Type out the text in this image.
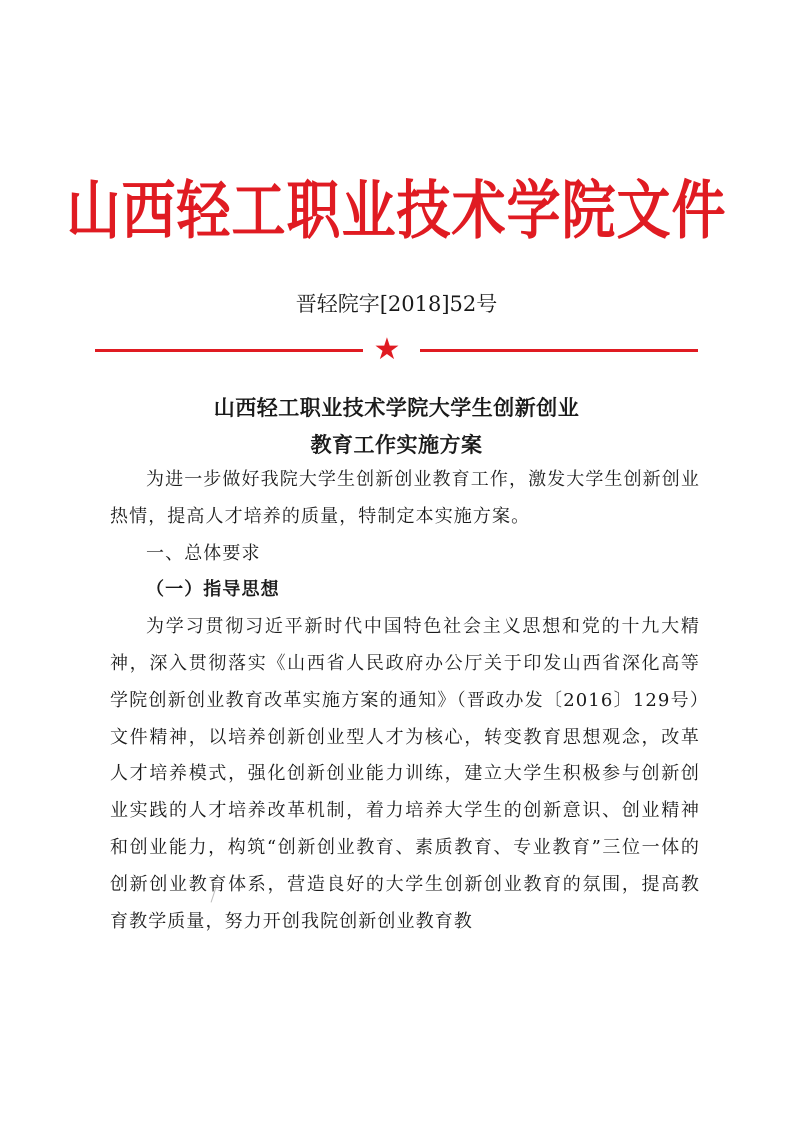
山西轻工职业技术学院文件
晋轻院字[2018]52号
★
山西轻工职业技术学院大学生创新创业
教育工作实施方案

为进一步做好我院大学生创新创业教育工作，激发大学生创新创业热情，提高人才培养的质量，特制定本实施方案。

一、总体要求

（一）指导思想

为学习贯彻习近平新时代中国特色社会主义思想和党的十九大精神，深入贯彻落实《山西省人民政府办公厅关于印发山西省深化高等学院创新创业教育改革实施方案的通知》（晋政办发〔2016〕129号）文件精神，以培养创新创业型人才为核心，转变教育思想观念，改革人才培养模式，强化创新创业能力训练，建立大学生积极参与创新创业实践的人才培养改革机制，着力培养大学生的创新意识、创业精神和创业能力，构筑“创新创业教育、素质教育、专业教育”三位一体的创新创业教育体系，营造良好的大学生创新创业教育的氛围，提高教育教学质量，努力开创我院创新创业教育教
